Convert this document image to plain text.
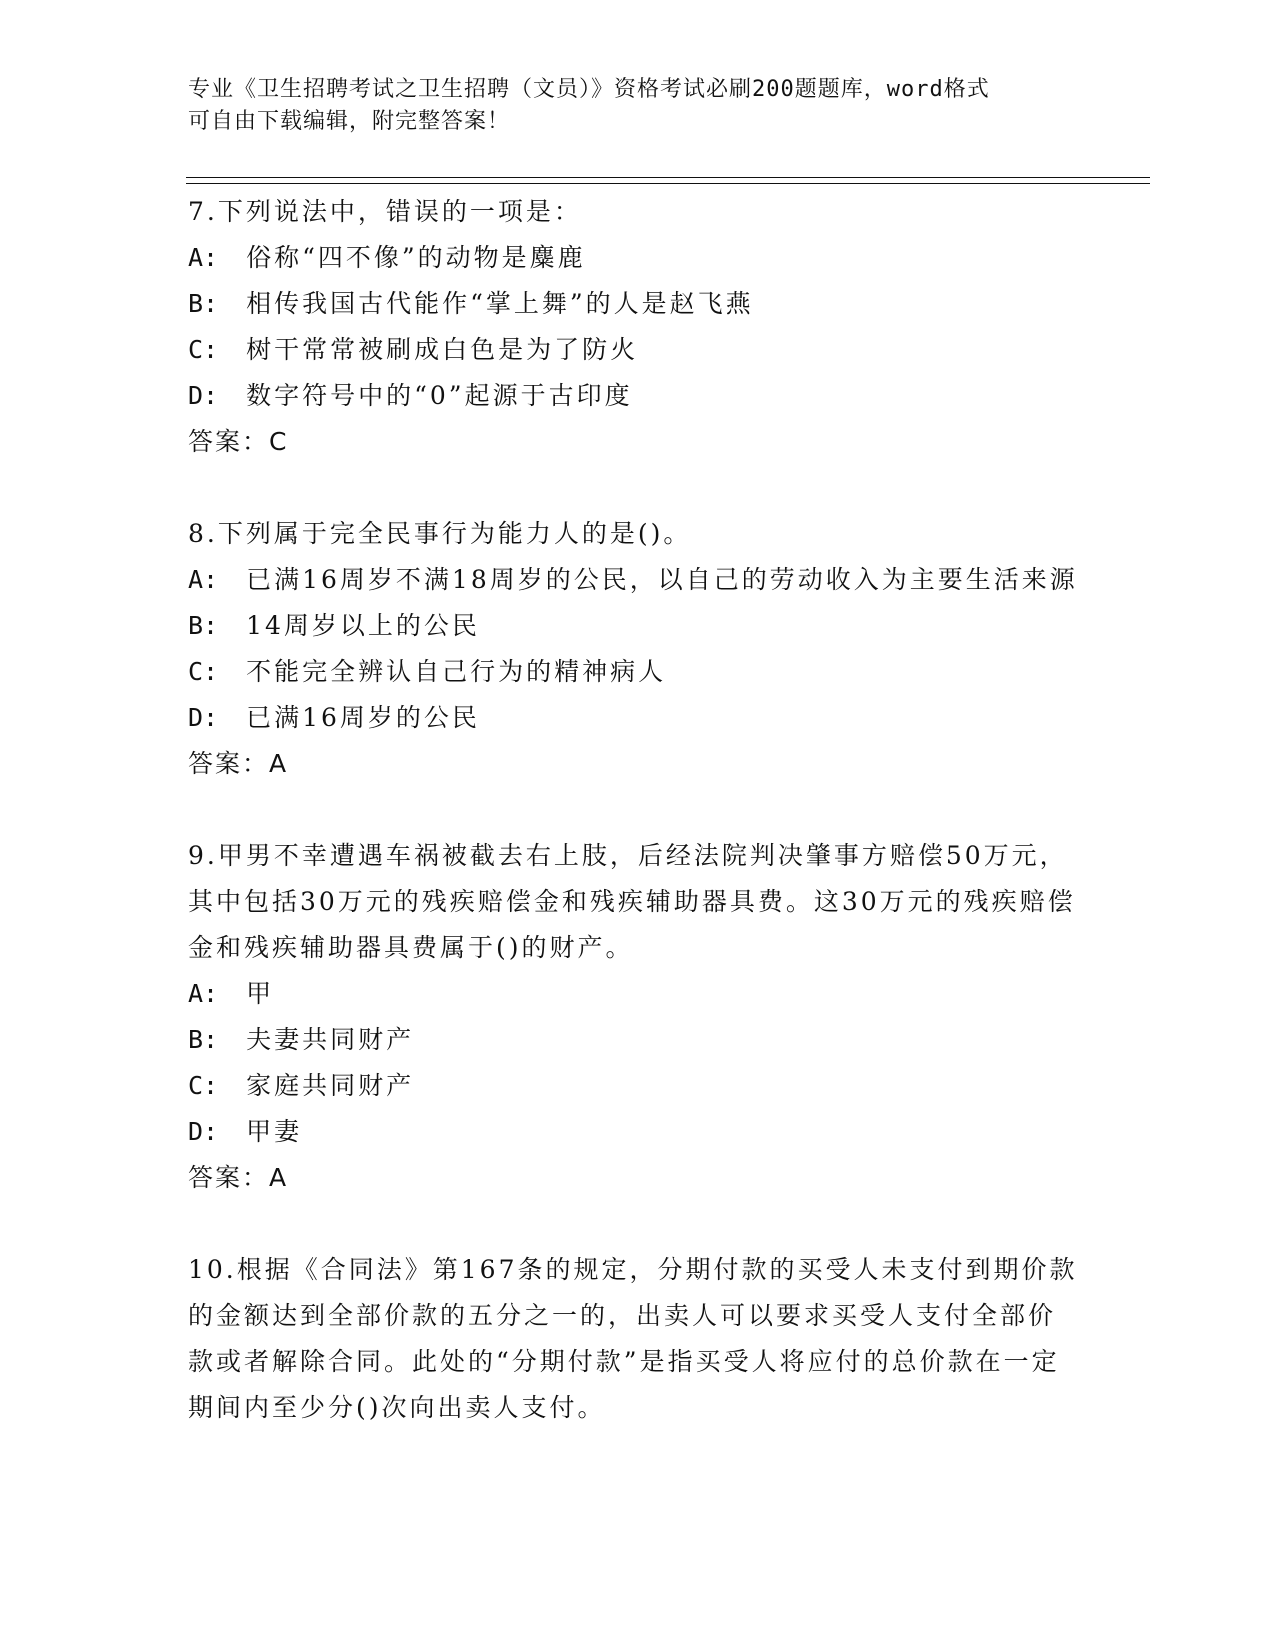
专业《卫生招聘考试之卫生招聘（文员）》资格考试必刷200题题库，word格式
可自由下载编辑，附完整答案！

7.下列说法中，错误的一项是：

A: 俗称“四不像”的动物是麋鹿

B: 相传我国古代能作“掌上舞”的人是赵飞燕

C: 树干常常被刷成白色是为了防火

D: 数字符号中的“0”起源于古印度

答案：C

8.下列属于完全民事行为能力人的是()。

A: 已满16周岁不满18周岁的公民，以自己的劳动收入为主要生活来源

B: 14周岁以上的公民

C: 不能完全辨认自己行为的精神病人

D: 已满16周岁的公民

答案：A

9.甲男不幸遭遇车祸被截去右上肢，后经法院判决肇事方赔偿50万元，其中包括30万元的残疾赔偿金和残疾辅助器具费。这30万元的残疾赔偿金和残疾辅助器具费属于()的财产。

A: 甲

B: 夫妻共同财产

C: 家庭共同财产

D: 甲妻

答案：A

10.根据《合同法》第167条的规定，分期付款的买受人未支付到期价款的金额达到全部价款的五分之一的，出卖人可以要求买受人支付全部价款或者解除合同。此处的“分期付款”是指买受人将应付的总价款在一定期间内至少分()次向出卖人支付。
